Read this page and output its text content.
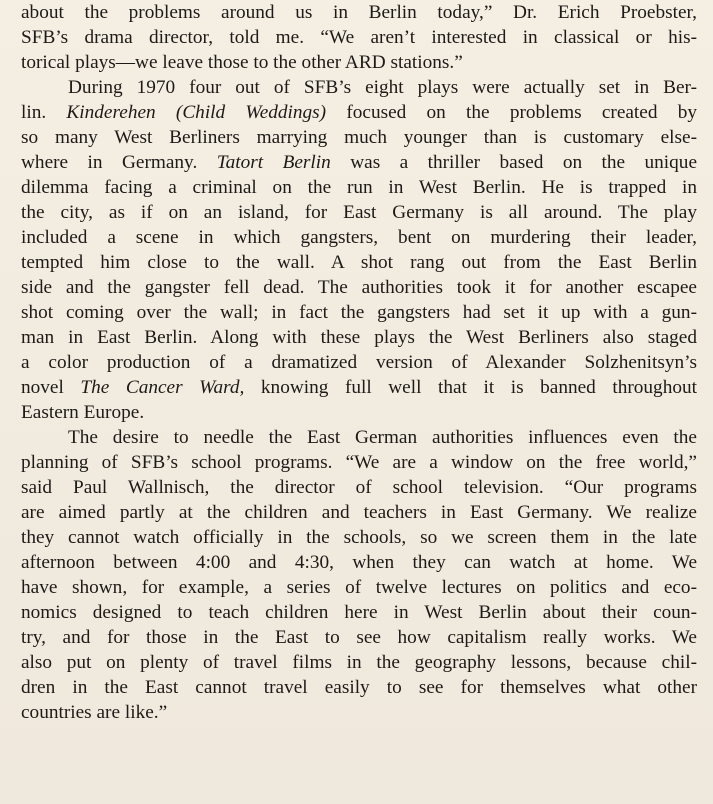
about the problems around us in Berlin today,” Dr. Erich Proebster,
SFB’s drama director, told me. “We aren’t interested in classical or his-
torical plays—we leave those to the other ARD stations.”
During 1970 four out of SFB’s eight plays were actually set in Ber-
lin. Kinderehen (Child Weddings) focused on the problems created by
so many West Berliners marrying much younger than is customary else-
where in Germany. Tatort Berlin was a thriller based on the unique
dilemma facing a criminal on the run in West Berlin. He is trapped in
the city, as if on an island, for East Germany is all around. The play
included a scene in which gangsters, bent on murdering their leader,
tempted him close to the wall. A shot rang out from the East Berlin
side and the gangster fell dead. The authorities took it for another escapee
shot coming over the wall; in fact the gangsters had set it up with a gun-
man in East Berlin. Along with these plays the West Berliners also staged
a color production of a dramatized version of Alexander Solzhenitsyn’s
novel The Cancer Ward, knowing full well that it is banned throughout
Eastern Europe.
The desire to needle the East German authorities influences even the
planning of SFB’s school programs. “We are a window on the free world,”
said Paul Wallnisch, the director of school television. “Our programs
are aimed partly at the children and teachers in East Germany. We realize
they cannot watch officially in the schools, so we screen them in the late
afternoon between 4:00 and 4:30, when they can watch at home. We
have shown, for example, a series of twelve lectures on politics and eco-
nomics designed to teach children here in West Berlin about their coun-
try, and for those in the East to see how capitalism really works. We
also put on plenty of travel films in the geography lessons, because chil-
dren in the East cannot travel easily to see for themselves what other
countries are like.”
